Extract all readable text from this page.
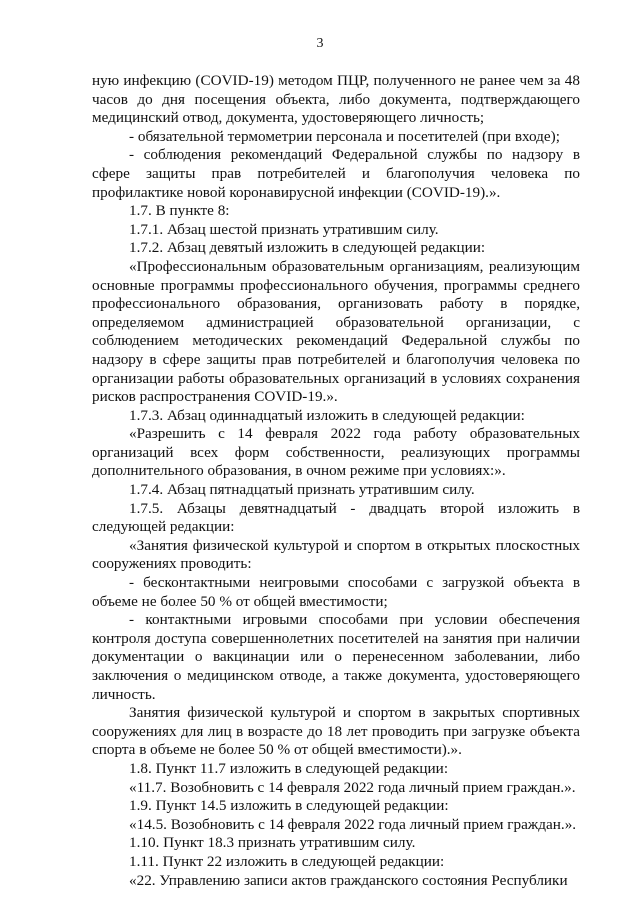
3

ную инфекцию (COVID-19) методом ПЦР, полученного не ранее чем за 48 часов до дня посещения объекта, либо документа, подтверждающего медицинский отвод, документа, удостоверяющего личность;

- обязательной термометрии персонала и посетителей (при входе);

- соблюдения рекомендаций Федеральной службы по надзору в сфере защиты прав потребителей и благополучия человека по профилактике новой коронавирусной инфекции (COVID-19).».

1.7. В пункте 8:

1.7.1. Абзац шестой признать утратившим силу.

1.7.2. Абзац девятый изложить в следующей редакции:

«Профессиональным образовательным организациям, реализующим основные программы профессионального обучения, программы среднего профессионального образования, организовать работу в порядке, определяемом администрацией образовательной организации, с соблюдением методических рекомендаций Федеральной службы по надзору в сфере защиты прав потребителей и благополучия человека по организации работы образовательных организаций в условиях сохранения рисков распространения COVID-19.».

1.7.3. Абзац одиннадцатый изложить в следующей редакции:

«Разрешить с 14 февраля 2022 года работу образовательных организаций всех форм собственности, реализующих программы дополнительного образования, в очном режиме при условиях:».

1.7.4. Абзац пятнадцатый признать утратившим силу.

1.7.5. Абзацы девятнадцатый - двадцать второй изложить в следующей редакции:

«Занятия физической культурой и спортом в открытых плоскостных сооружениях проводить:

- бесконтактными неигровыми способами с загрузкой объекта в объеме не более 50 % от общей вместимости;

- контактными игровыми способами при условии обеспечения контроля доступа совершеннолетних посетителей на занятия при наличии документации о вакцинации или о перенесенном заболевании, либо заключения о медицинском отводе, а также документа, удостоверяющего личность.

Занятия физической культурой и спортом в закрытых спортивных сооружениях для лиц в возрасте до 18 лет проводить при загрузке объекта спорта в объеме не более 50 % от общей вместимости).».

1.8. Пункт 11.7 изложить в следующей редакции:

«11.7. Возобновить с 14 февраля 2022 года личный прием граждан.».

1.9. Пункт 14.5 изложить в следующей редакции:

«14.5. Возобновить с 14 февраля 2022 года личный прием граждан.».

1.10. Пункт 18.3 признать утратившим силу.

1.11. Пункт 22 изложить в следующей редакции:

«22. Управлению записи актов гражданского состояния Республики
